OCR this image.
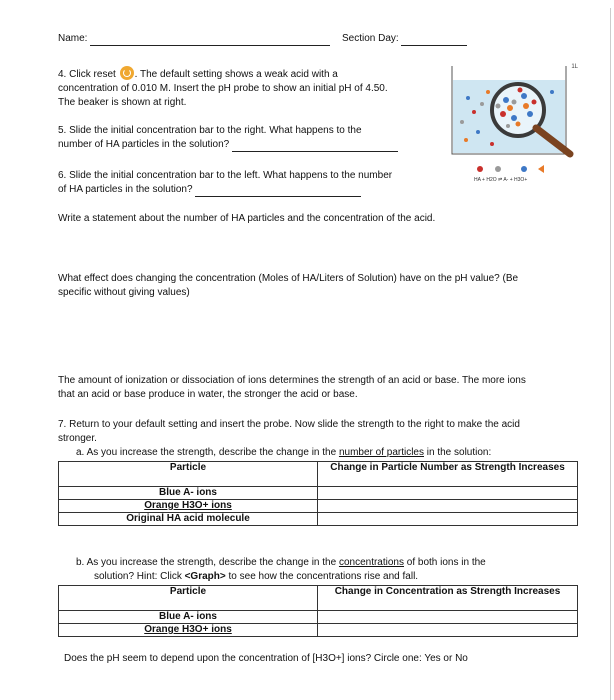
Name:	Section Day:
4. Click reset . The default setting shows a weak acid with a
concentration of 0.010 M. Insert the pH probe to show an initial pH of 4.50.
The beaker is shown at right.
1L
HA + H2O ⇌ A- + H3O+
5. Slide the initial concentration bar to the right. What happens to the
number of HA particles in the solution?
6. Slide the initial concentration bar to the left. What happens to the number
of HA particles in the solution?
Write a statement about the number of HA particles and the concentration of the acid.
What effect does changing the concentration (Moles of HA/Liters of Solution) have on the pH value? (Be
specific without giving values)
The amount of ionization or dissociation of ions determines the strength of an acid or base. The more ions
that an acid or base produce in water, the stronger the acid or base.
7. Return to your default setting and insert the probe. Now slide the strength to the right to make the acid
stronger.
a. As you increase the strength, describe the change in the number of particles in the solution:
Particle	Change in Particle Number as Strength Increases
Blue A- ions	
Orange H3O+ ions	
Original HA acid molecule	
b. As you increase the strength, describe the change in the concentrations of both ions in the
solution? Hint: Click <Graph> to see how the concentrations rise and fall.
Particle	Change in Concentration as Strength Increases
Blue A- ions	
Orange H3O+ ions	
Does the pH seem to depend upon the concentration of [H3O+] ions? Circle one: Yes or No
